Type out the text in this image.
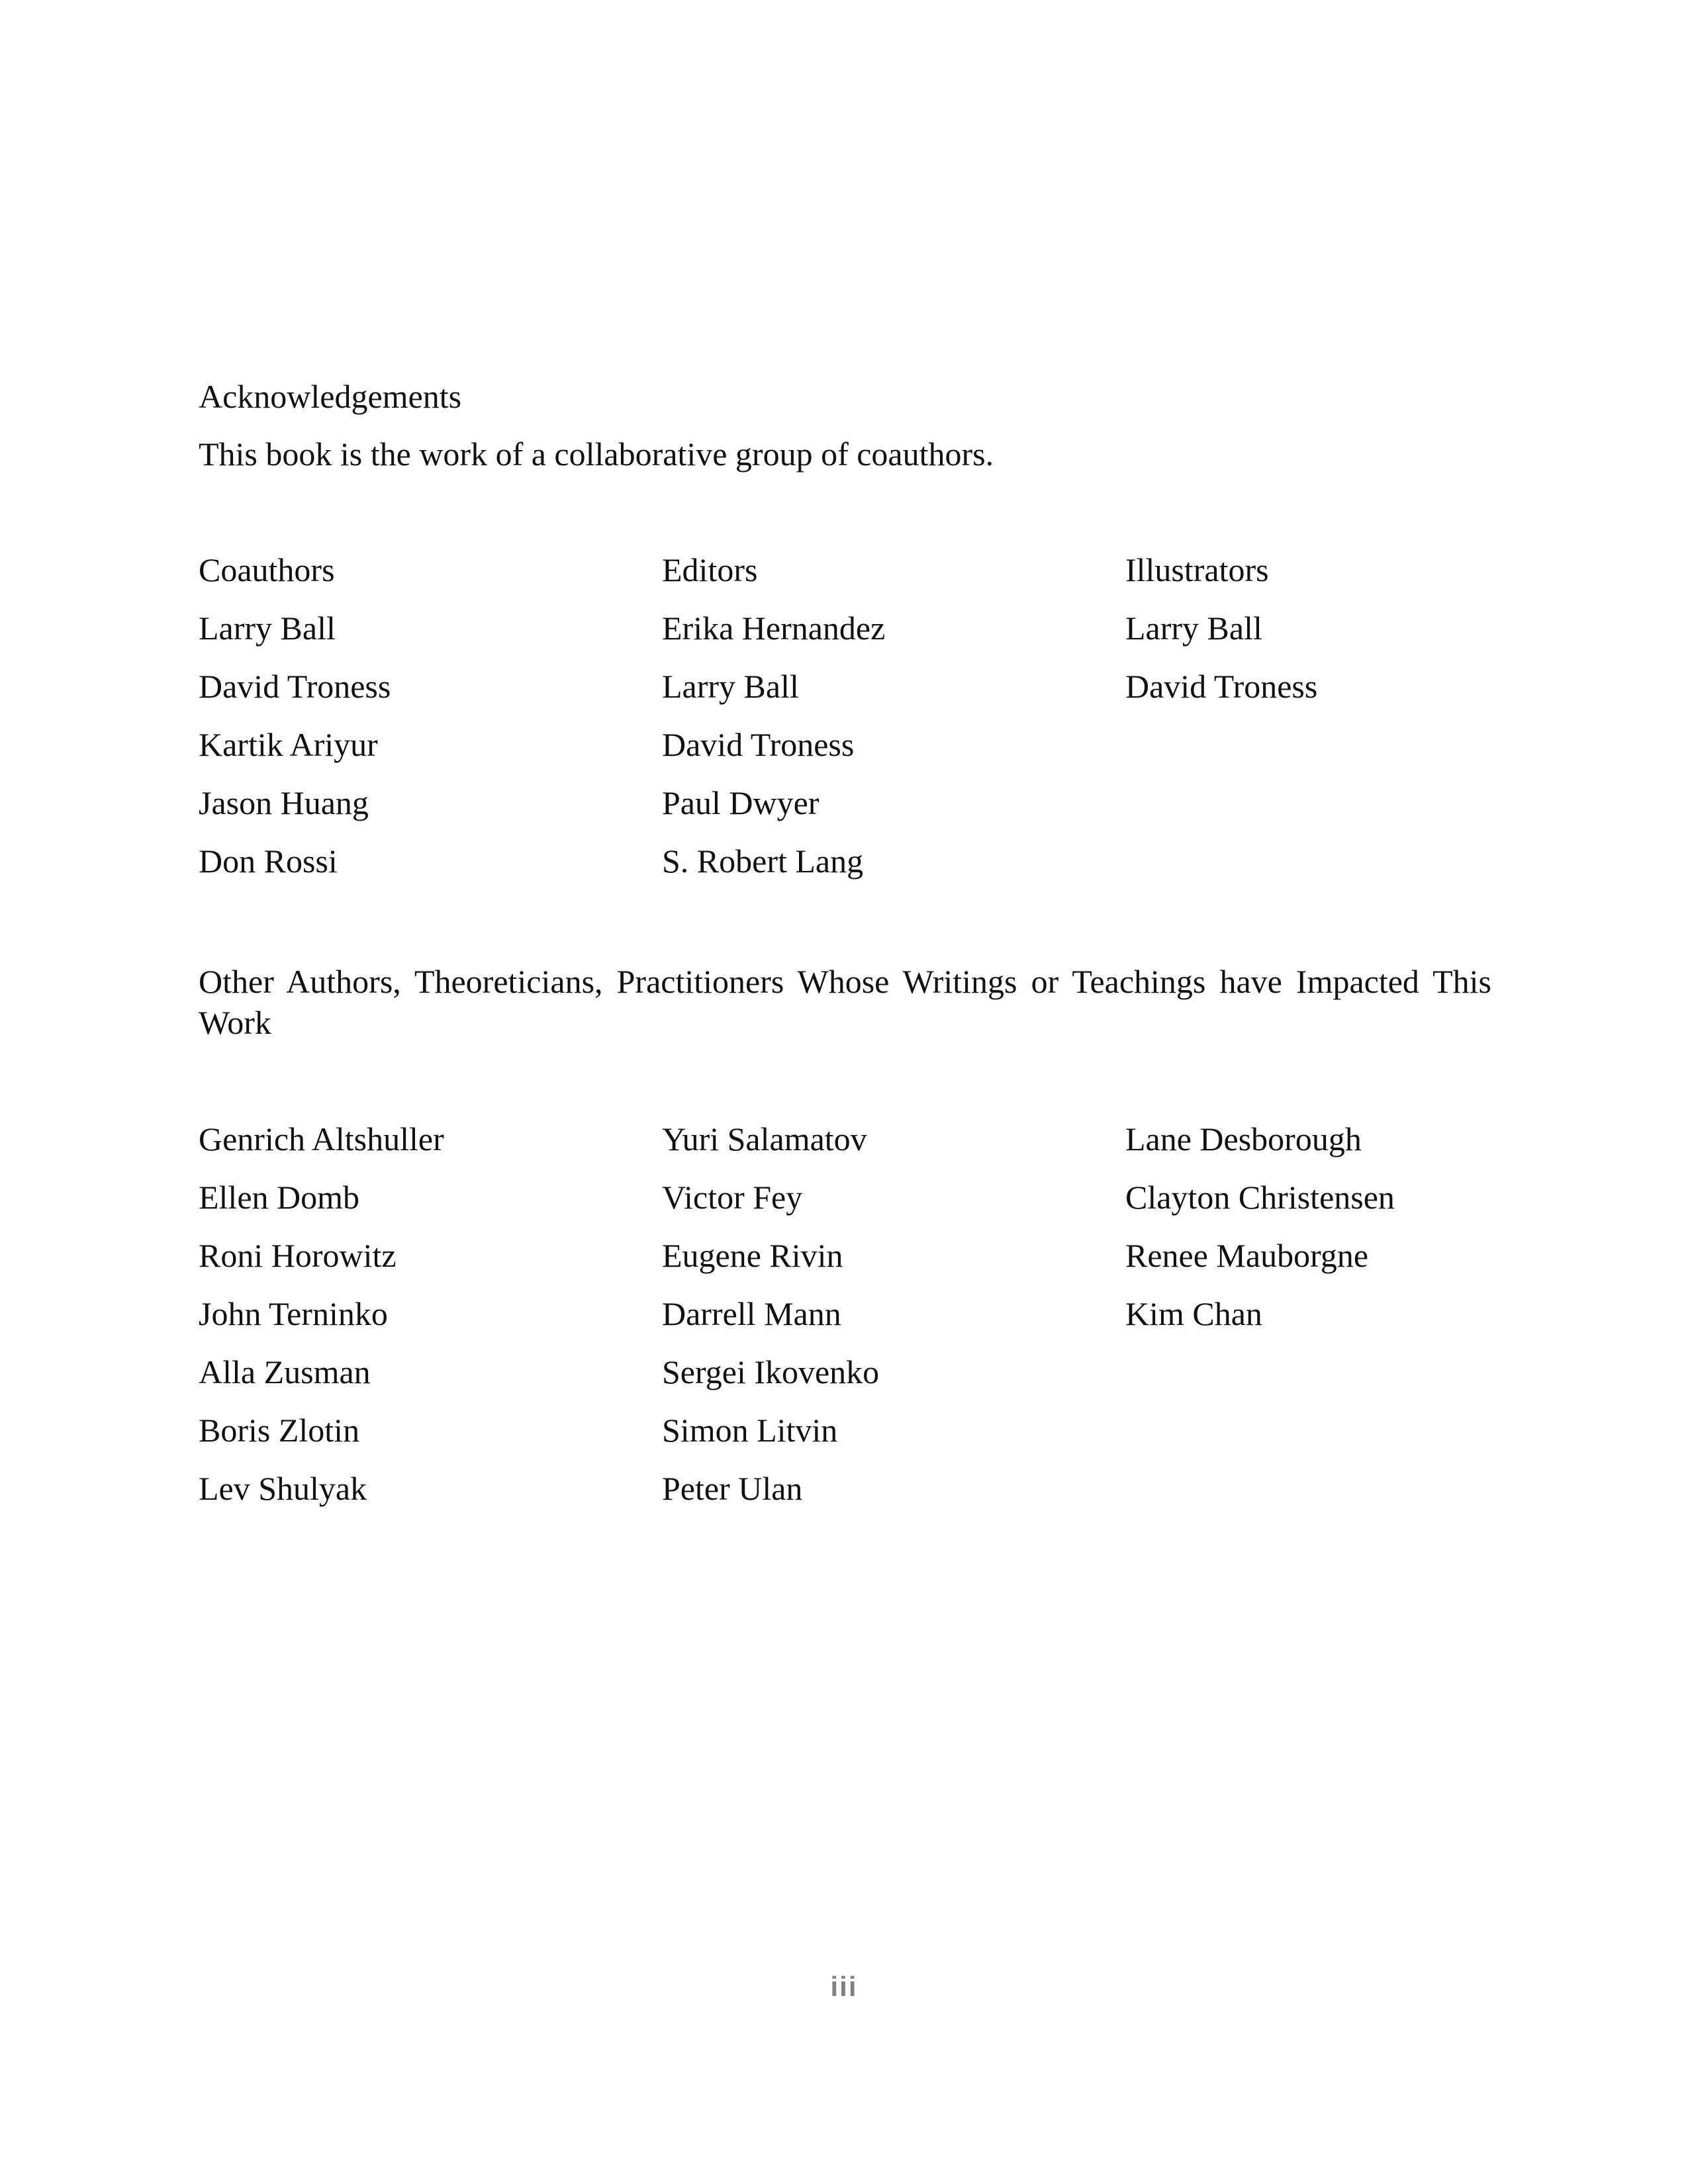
Acknowledgements
This book is the work of a collaborative group of coauthors.
Coauthors
Larry Ball
David Troness
Kartik Ariyur
Jason Huang
Don Rossi
Editors
Erika Hernandez
Larry Ball
David Troness
Paul Dwyer
S. Robert Lang
Illustrators
Larry Ball
David Troness
Other Authors, Theoreticians, Practitioners Whose Writings or Teachings have Impacted This Work
Genrich Altshuller
Ellen Domb
Roni Horowitz
John Terninko
Alla Zusman
Boris Zlotin
Lev Shulyak
Yuri Salamatov
Victor Fey
Eugene Rivin
Darrell Mann
Sergei Ikovenko
Simon Litvin
Peter Ulan
Lane Desborough
Clayton Christensen
Renee Mauborgne
Kim Chan
iii
